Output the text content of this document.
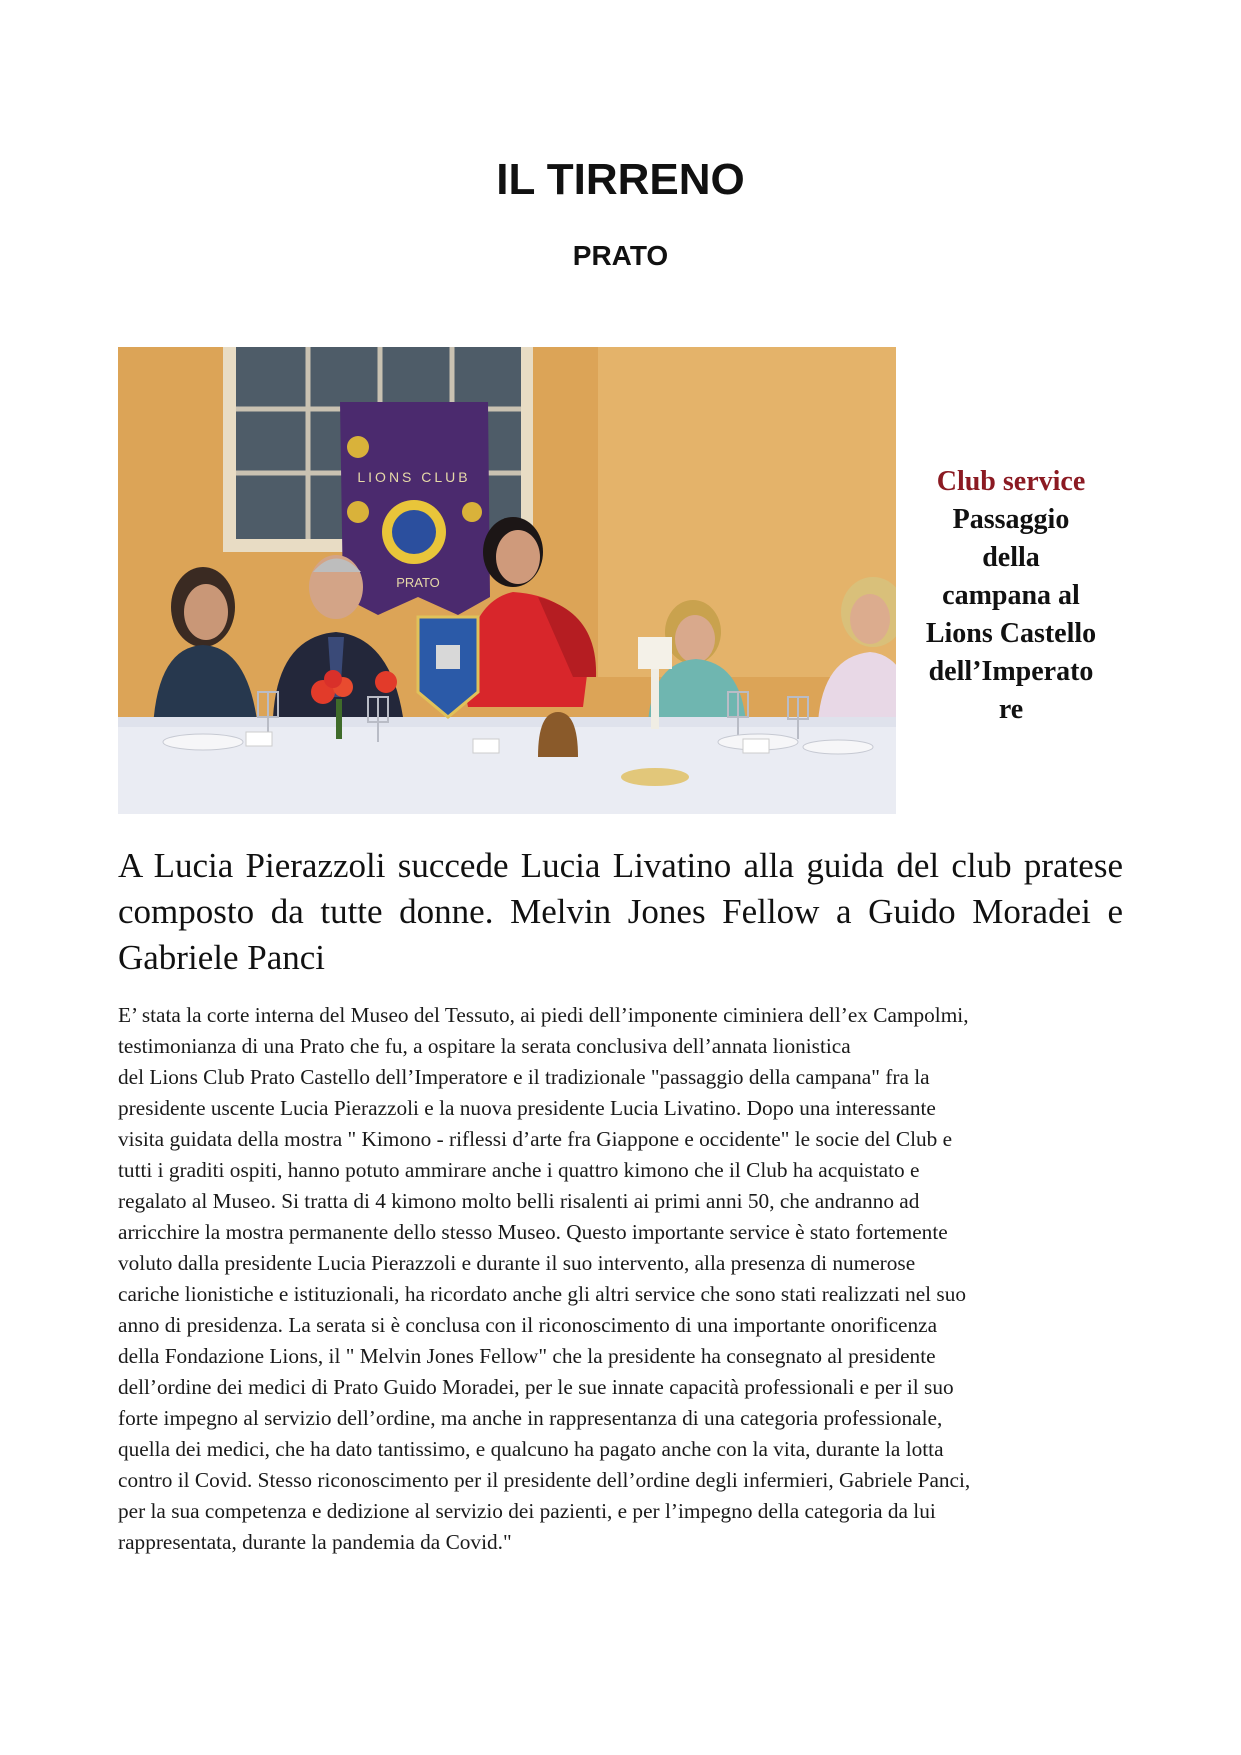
IL TIRRENO
PRATO
LIONS CLUB
PRATO
Club service
Passaggio
della
campana al
Lions Castello
dell’Imperato
re
A Lucia Pierazzoli succede Lucia Livatino alla guida del club pratese composto da tutte donne. Melvin Jones Fellow a Guido Moradei e Gabriele Panci
E’ stata la corte interna del Museo del Tessuto, ai piedi dell’imponente ciminiera dell’ex Campolmi,
testimonianza di una Prato che fu, a ospitare la serata conclusiva dell’annata lionistica
del Lions Club Prato Castello dell’Imperatore e il tradizionale "passaggio della campana" fra la
presidente uscente Lucia Pierazzoli e la nuova presidente Lucia Livatino. Dopo una interessante
visita guidata della mostra " Kimono - riflessi d’arte fra Giappone e occidente" le socie del Club e
tutti i graditi ospiti, hanno potuto ammirare anche i quattro kimono che il Club ha acquistato e
regalato al Museo. Si tratta di 4 kimono molto belli risalenti ai primi anni 50, che andranno ad
arricchire la mostra permanente dello stesso Museo. Questo importante service è stato fortemente
voluto dalla presidente Lucia Pierazzoli e durante il suo intervento, alla presenza di numerose
cariche lionistiche e istituzionali, ha ricordato anche gli altri service che sono stati realizzati nel suo
anno di presidenza. La serata si è conclusa con il riconoscimento di una importante onorificenza
della Fondazione Lions, il " Melvin Jones Fellow" che la presidente ha consegnato al presidente
dell’ordine dei medici di Prato Guido Moradei, per le sue innate capacità professionali e per il suo
forte impegno al servizio dell’ordine, ma anche in rappresentanza di una categoria professionale,
quella dei medici, che ha dato tantissimo, e qualcuno ha pagato anche con la vita, durante la lotta
contro il Covid. Stesso riconoscimento per il presidente dell’ordine degli infermieri, Gabriele Panci,
per la sua competenza e dedizione al servizio dei pazienti, e per l’impegno della categoria da lui
rappresentata, durante la pandemia da Covid."
